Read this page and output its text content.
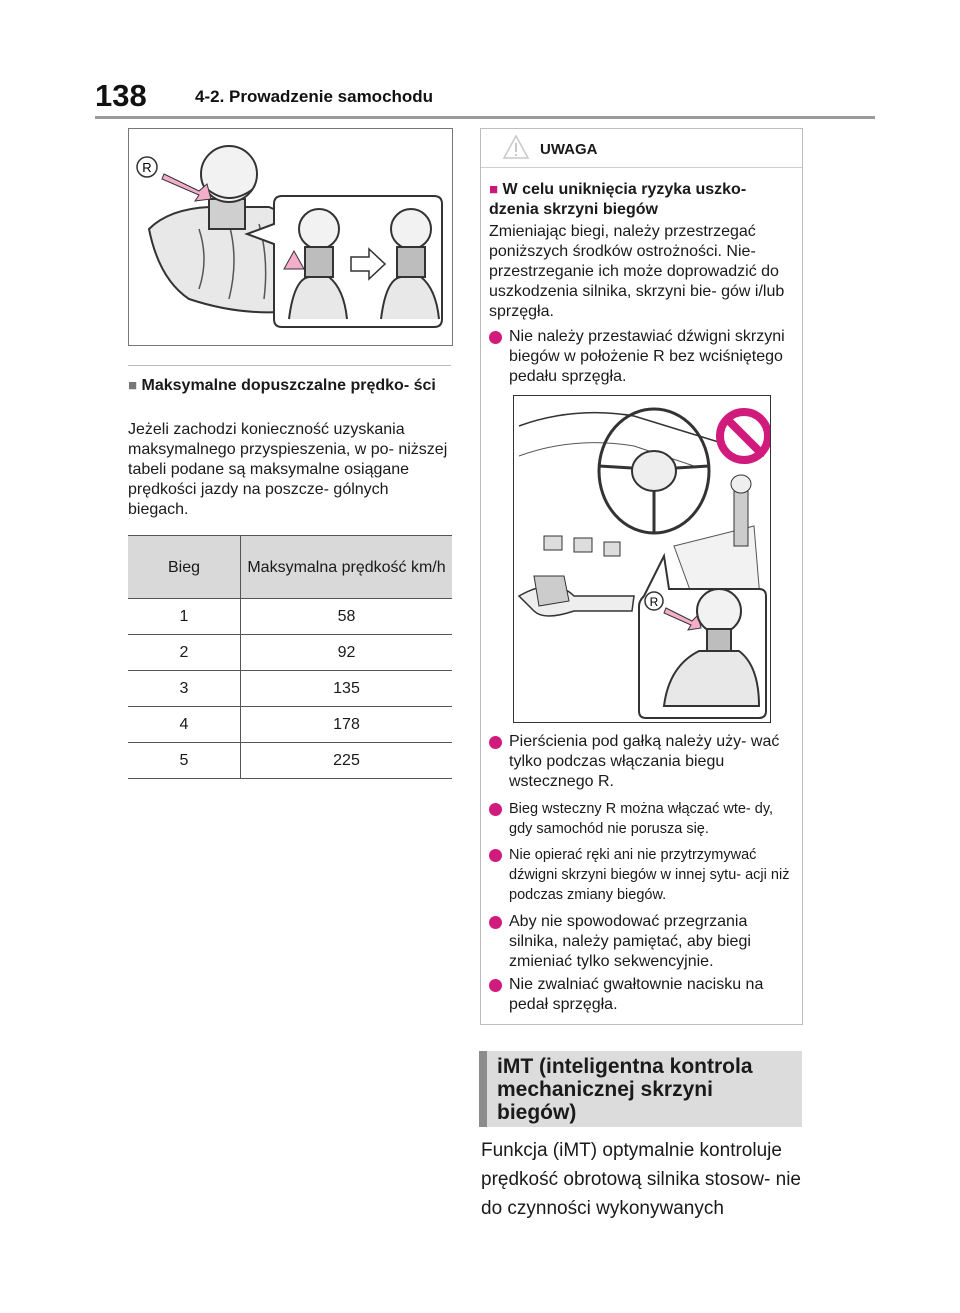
138	4-2. Prowadzenie samochodu
R
■ Maksymalne dopuszczalne prędko- ści
Jeżeli zachodzi konieczność uzyskania maksymalnego przyspieszenia, w po- niższej tabeli podane są maksymalne osiągane prędkości jazdy na poszcze- gólnych biegach.
Bieg	Maksymalna prędkość km/h
1	58
2	92
3	135
4	178
5	225
UWAGA
■ W celu uniknięcia ryzyka uszko- dzenia skrzyni biegów
Zmieniając biegi, należy przestrzegać poniższych środków ostrożności. Nie- przestrzeganie ich może doprowadzić do uszkodzenia silnika, skrzyni bie- gów i/lub sprzęgła.
Nie należy przestawiać dźwigni skrzyni biegów w położenie R bez wciśniętego pedału sprzęgła.
R
Pierścienia pod gałką należy uży- wać tylko podczas włączania biegu wstecznego R.
Bieg wsteczny R można włączać wte- dy, gdy samochód nie porusza się.
Nie opierać ręki ani nie przytrzymywać dźwigni skrzyni biegów w innej sytu- acji niż podczas zmiany biegów.
Aby nie spowodować przegrzania silnika, należy pamiętać, aby biegi zmieniać tylko sekwencyjnie.
Nie zwalniać gwałtownie nacisku na pedał sprzęgła.
iMT (inteligentna kontrola mechanicznej skrzyni biegów)
Funkcja (iMT) optymalnie kontroluje prędkość obrotową silnika stosow- nie do czynności wykonywanych
